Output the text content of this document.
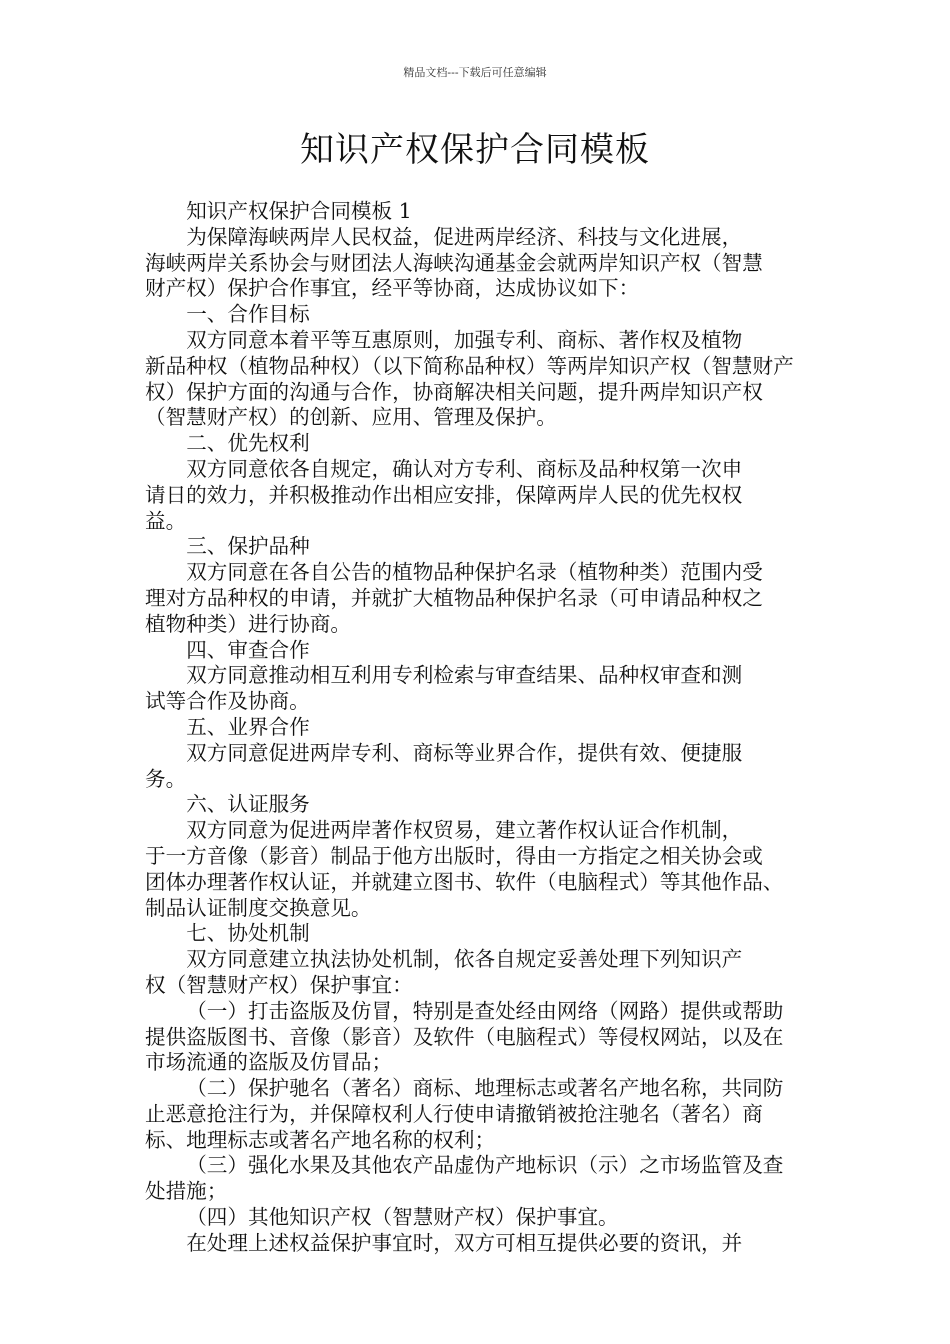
精品文档---下载后可任意编辑
知识产权保护合同模板

知识产权保护合同模板 1

为保障海峡两岸人民权益，促进两岸经济、科技与文化进展，
海峡两岸关系协会与财团法人海峡沟通基金会就两岸知识产权（智慧
财产权）保护合作事宜，经平等协商，达成协议如下：

一、合作目标

双方同意本着平等互惠原则，加强专利、商标、著作权及植物
新品种权（植物品种权）（以下简称品种权）等两岸知识产权（智慧财产
权）保护方面的沟通与合作，协商解决相关问题，提升两岸知识产权
（智慧财产权）的创新、应用、管理及保护。

二、优先权利

双方同意依各自规定，确认对方专利、商标及品种权第一次申
请日的效力，并积极推动作出相应安排，保障两岸人民的优先权权
益。

三、保护品种

双方同意在各自公告的植物品种保护名录（植物种类）范围内受
理对方品种权的申请，并就扩大植物品种保护名录（可申请品种权之
植物种类）进行协商。

四、审查合作

双方同意推动相互利用专利检索与审查结果、品种权审查和测
试等合作及协商。

五、业界合作

双方同意促进两岸专利、商标等业界合作，提供有效、便捷服
务。

六、认证服务

双方同意为促进两岸著作权贸易，建立著作权认证合作机制，
于一方音像（影音）制品于他方出版时，得由一方指定之相关协会或
团体办理著作权认证，并就建立图书、软件（电脑程式）等其他作品、
制品认证制度交换意见。

七、协处机制

双方同意建立执法协处机制，依各自规定妥善处理下列知识产
权（智慧财产权）保护事宜：

（一）打击盗版及仿冒，特别是查处经由网络（网路）提供或帮助
提供盗版图书、音像（影音）及软件（电脑程式）等侵权网站，以及在
市场流通的盗版及仿冒品；

（二）保护驰名（著名）商标、地理标志或著名产地名称，共同防
止恶意抢注行为，并保障权利人行使申请撤销被抢注驰名（著名）商
标、地理标志或著名产地名称的权利；

（三）强化水果及其他农产品虚伪产地标识（示）之市场监管及查
处措施；

（四）其他知识产权（智慧财产权）保护事宜。

在处理上述权益保护事宜时，双方可相互提供必要的资讯，并
